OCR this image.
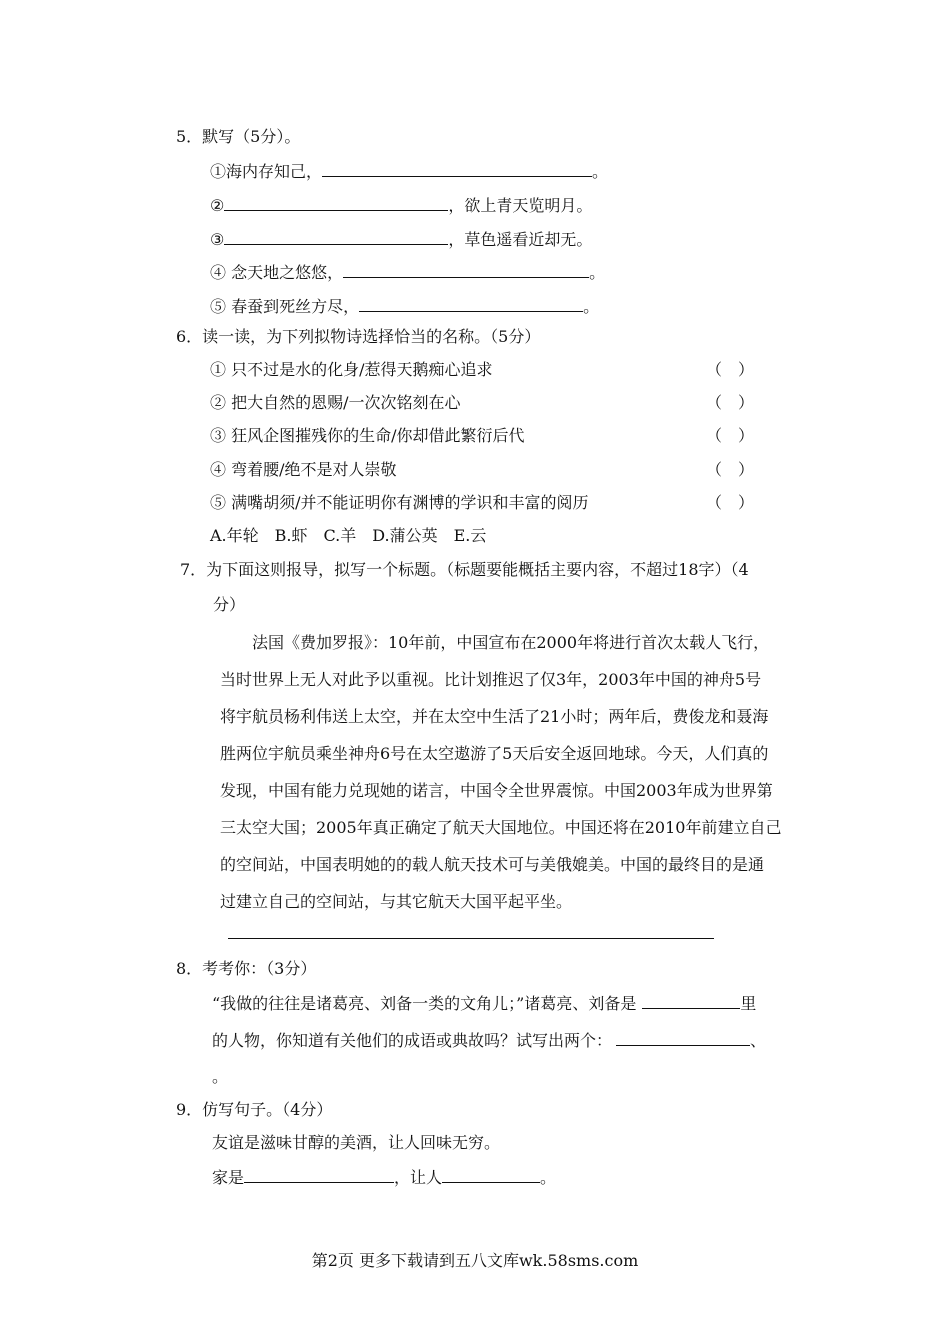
5．默写（5分）。
①海内存知己，	。
②	，欲上青天览明月。
③	，草色遥看近却无。
④ 念天地之悠悠，	。
⑤ 春蚕到死丝方尽，	。
6．读一读，为下列拟物诗选择恰当的名称。（5分）
① 只不过是水的化身/惹得天鹅痴心追求	（　）
② 把大自然的恩赐/一次次铭刻在心	（　）
③ 狂风企图摧残你的生命/你却借此繁衍后代	（　）
④ 弯着腰/绝不是对人崇敬	（　）
⑤ 满嘴胡须/并不能证明你有渊博的学识和丰富的阅历	（　）
A.年轮　B.虾　C.羊　D.蒲公英　E.云
7．为下面这则报导，拟写一个标题。（标题要能概括主要内容，不超过18字）（4
分）
　　法国《费加罗报》：10年前，中国宣布在2000年将进行首次太载人飞行，
当时世界上无人对此予以重视。比计划推迟了仅3年，2003年中国的神舟5号
将宇航员杨利伟送上太空，并在太空中生活了21小时；两年后，费俊龙和聂海
胜两位宇航员乘坐神舟6号在太空遨游了5天后安全返回地球。今天，人们真的
发现，中国有能力兑现她的诺言，中国令全世界震惊。中国2003年成为世界第
三太空大国；2005年真正确定了航天大国地位。中国还将在2010年前建立自己
的空间站，中国表明她的的载人航天技术可与美俄媲美。中国的最终目的是通
过建立自己的空间站，与其它航天大国平起平坐。
8．考考你：（3分）
“我做的往往是诸葛亮、刘备一类的文角儿；”诸葛亮、刘备是	里
的人物，你知道有关他们的成语或典故吗？试写出两个：	、
。
9．仿写句子。（4分）
友谊是滋味甘醇的美酒，让人回味无穷。
家是	，让人	。
第2页 更多下载请到五八文库wk.58sms.com
